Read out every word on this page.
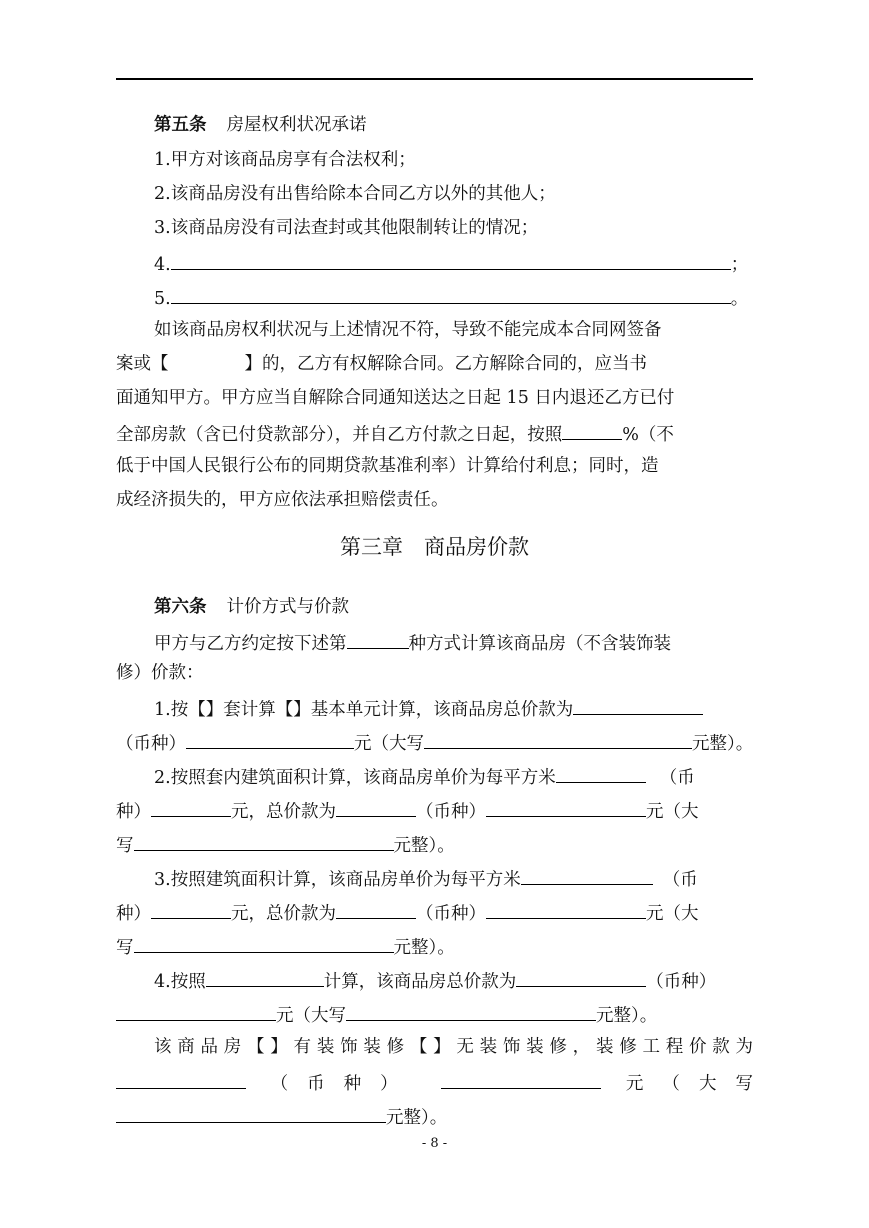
第五条 房屋权利状况承诺
1.甲方对该商品房享有合法权利；
2.该商品房没有出售给除本合同乙方以外的其他人；
3.该商品房没有司法查封或其他限制转让的情况；
4.	；
5.	。
如该商品房权利状况与上述情况不符，导致不能完成本合同网签备
案或【	】的，乙方有权解除合同。乙方解除合同的，应当书
面通知甲方。甲方应当自解除合同通知送达之日起 15 日内退还乙方已付
全部房款（含已付贷款部分），并自乙方付款之日起，按照	%（不
低于中国人民银行公布的同期贷款基准利率）计算给付利息；同时，造
成经济损失的，甲方应依法承担赔偿责任。
第三章　商品房价款
第六条 计价方式与价款
甲方与乙方约定按下述第	种方式计算该商品房（不含装饰装
修）价款：
1.按【】套计算【】基本单元计算，该商品房总价款为
（币种）	元（大写	元整）。
2.按照套内建筑面积计算，该商品房单价为每平方米	（币
种）	元，总价款为	（币种）	元（大
写	元整）。
3.按照建筑面积计算，该商品房单价为每平方米	（币
种）	元，总价款为	（币种）	元（大
写	元整）。
4.按照	计算，该商品房总价款为	（币种）
元（大写	元整）。
该商品房【】有装饰装修【】无装饰装修，装修工程价款为
（币种）	元（大写
元整）。
- 8 -
